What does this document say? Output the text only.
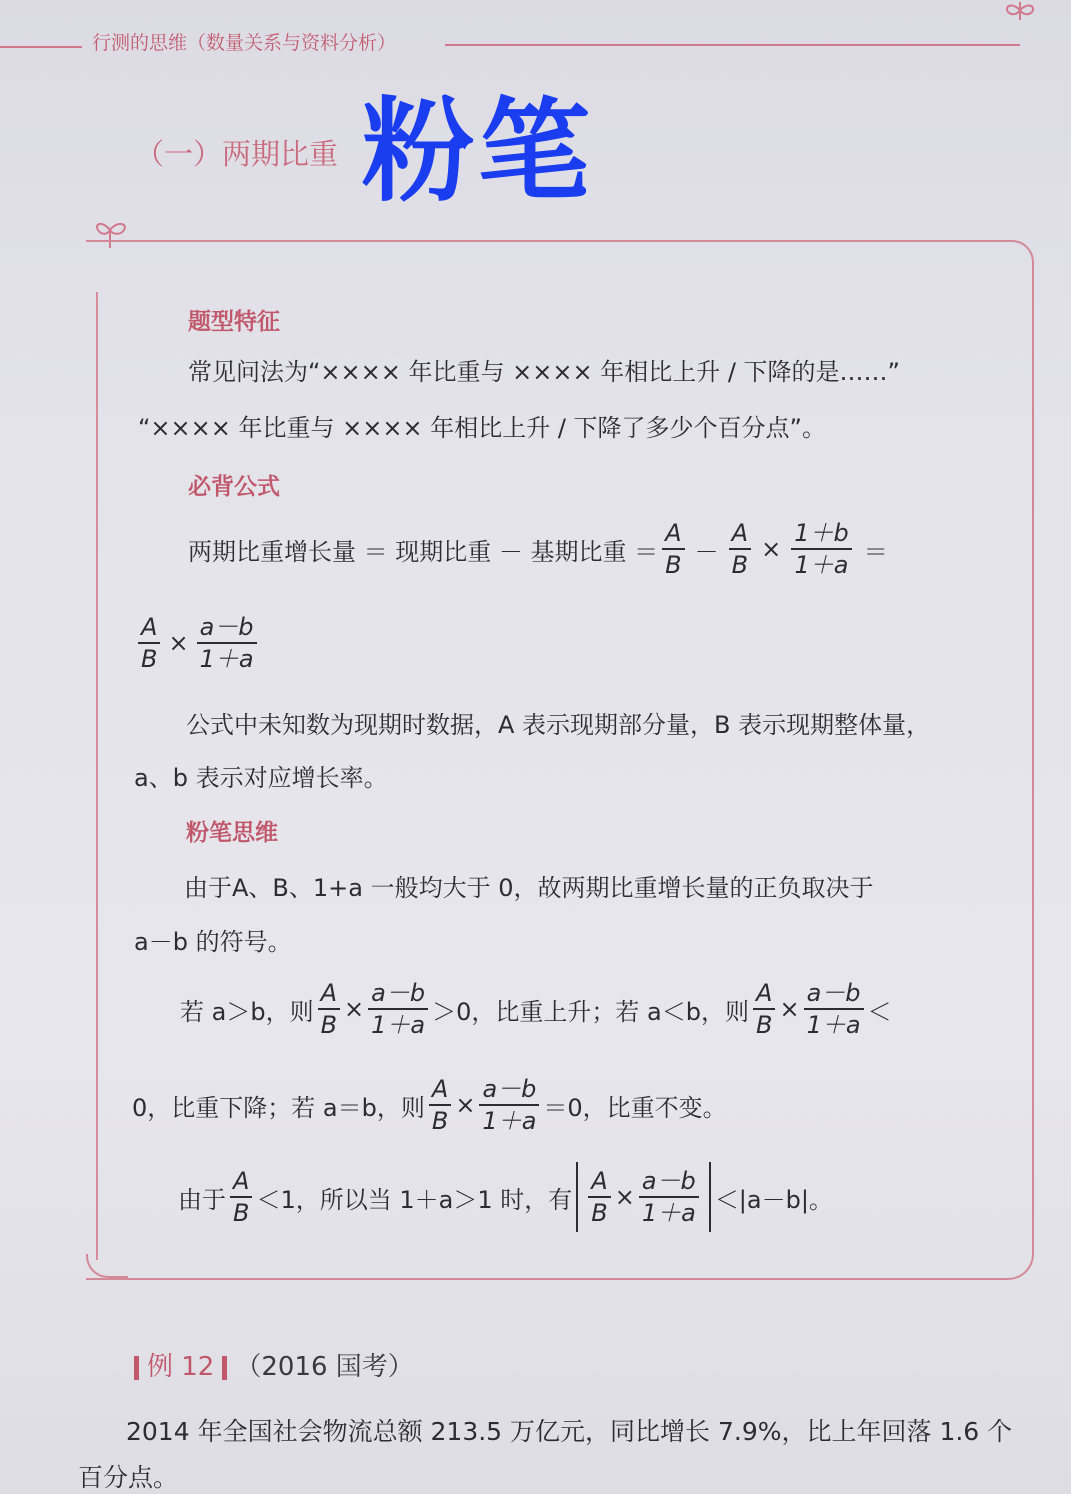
行测的思维（数量关系与资料分析）
（一）两期比重 粉笔
题型特征
常见问法为“×××× 年比重与 ×××× 年相比上升 / 下降的是……”
“×××× 年比重与 ×××× 年相比上升 / 下降了多少个百分点”。
必背公式
两期比重增长量 ＝ 现期比重 － 基期比重 ＝ $\frac{A}{B} - \frac{A}{B} \times \frac{1+b}{1+a}$ ＝
$\frac{A}{B} \times \frac{a-b}{1+a}$
公式中未知数为现期时数据，A 表示现期部分量，B 表示现期整体量，
a、b 表示对应增长率。
粉笔思维
由于A、B、1+a 一般均大于 0，故两期比重增长量的正负取决于
a－b 的符号。
若 a＞b，则 $\frac{A}{B} \times \frac{a-b}{1+a} >0$，比重上升；若 a＜b，则 $\frac{A}{B} \times \frac{a-b}{1+a}$ ＜
0，比重下降；若 a＝b，则 $\frac{A}{B} \times \frac{a-b}{1+a} =0$，比重不变。
由于 $\frac{A}{B} <1$，所以当 1＋a＞1 时，有 $\frac{A}{B} \times \frac{a-b}{1+a} <|a-b|$。
例 12 （2016 国考）
2014 年全国社会物流总额 213.5 万亿元，同比增长 7.9%，比上年回落 1.6 个
百分点。
